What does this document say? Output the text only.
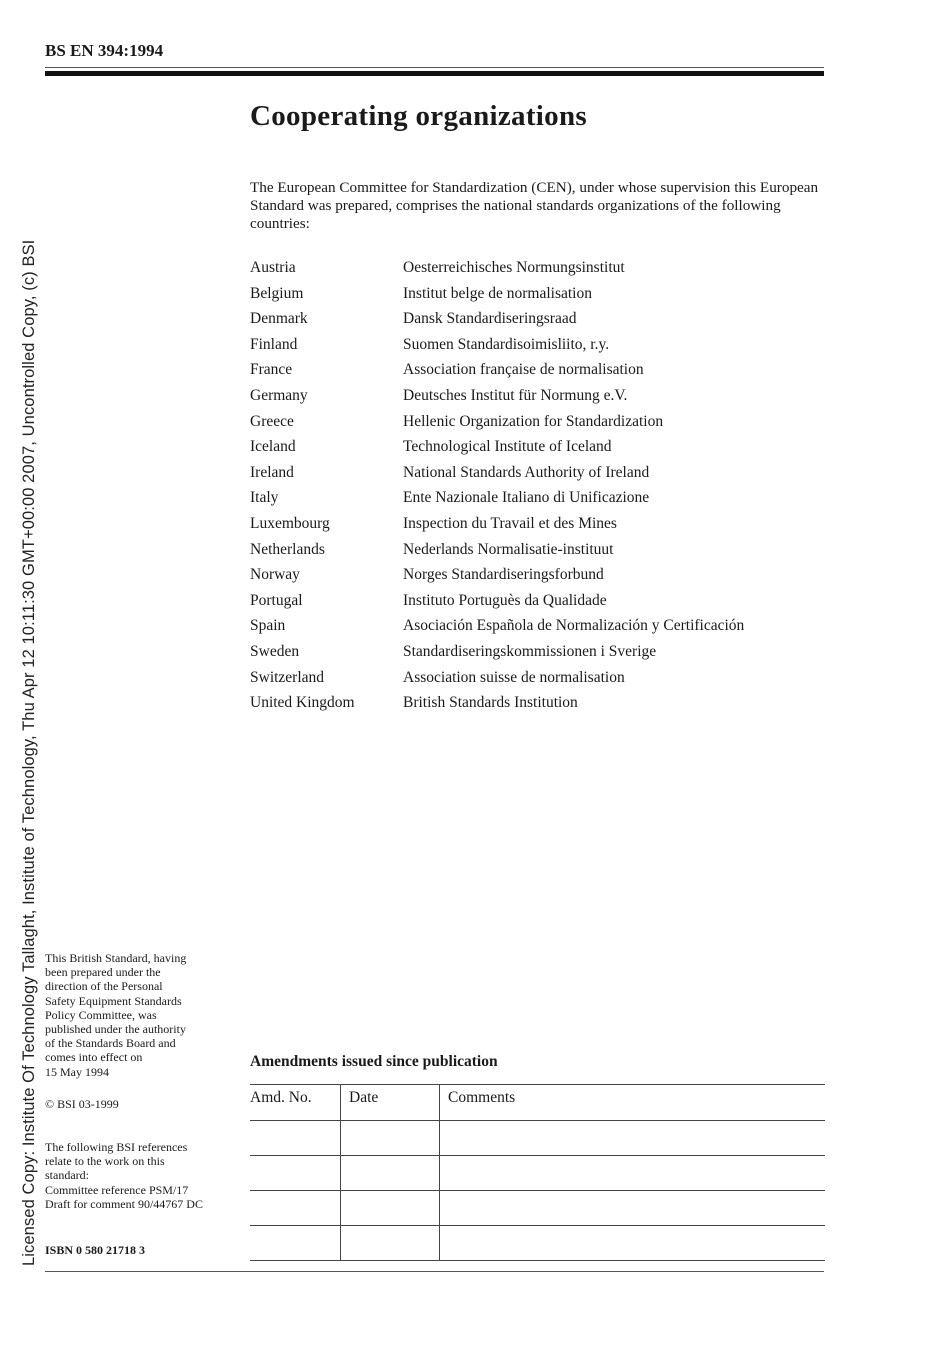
Licensed Copy: Institute Of Technology Tallaght, Institute of Technology, Thu Apr 12 10:11:30 GMT+00:00 2007, Uncontrolled Copy, (c) BSI
BS EN 394:1994
Cooperating organizations
The European Committee for Standardization (CEN), under whose supervision this European Standard was prepared, comprises the national standards organizations of the following countries:
Austria	Oesterreichisches Normungsinstitut
Belgium	Institut belge de normalisation
Denmark	Dansk Standardiseringsraad
Finland	Suomen Standardisoimisliito, r.y.
France	Association française de normalisation
Germany	Deutsches Institut für Normung e.V.
Greece	Hellenic Organization for Standardization
Iceland	Technological Institute of Iceland
Ireland	National Standards Authority of Ireland
Italy	Ente Nazionale Italiano di Unificazione
Luxembourg	Inspection du Travail et des Mines
Netherlands	Nederlands Normalisatie-instituut
Norway	Norges Standardiseringsforbund
Portugal	Instituto Portuguès da Qualidade
Spain	Asociación Española de Normalización y Certificación
Sweden	Standardiseringskommissionen i Sverige
Switzerland	Association suisse de normalisation
United Kingdom	British Standards Institution
This British Standard, having
been prepared under the
direction of the Personal
Safety Equipment Standards
Policy Committee, was
published under the authority
of the Standards Board and
comes into effect on
15 May 1994
© BSI 03-1999
The following BSI references
relate to the work on this
standard:
Committee reference PSM/17
Draft for comment 90/44767 DC
ISBN 0 580 21718 3
Amendments issued since publication
Amd. No.	Date	Comments
